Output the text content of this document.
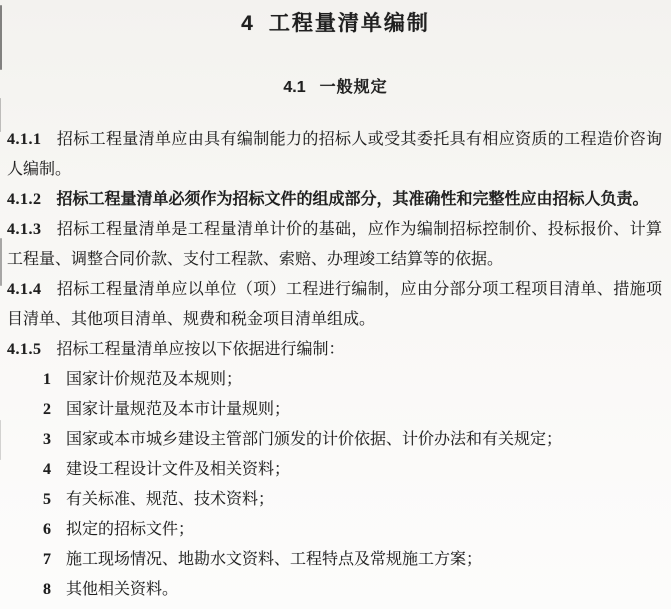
4 工程量清单编制
4.1 一般规定

4.1.1 招标工程量清单应由具有编制能力的招标人或受其委托具有相应资质的工程造价咨询人编制。

4.1.2 招标工程量清单必须作为招标文件的组成部分，其准确性和完整性应由招标人负责。

4.1.3 招标工程量清单是工程量清单计价的基础，应作为编制招标控制价、投标报价、计算工程量、调整合同价款、支付工程款、索赔、办理竣工结算等的依据。

4.1.4 招标工程量清单应以单位（项）工程进行编制，应由分部分项工程项目清单、措施项目清单、其他项目清单、规费和税金项目清单组成。

4.1.5 招标工程量清单应按以下依据进行编制：

1 国家计价规范及本规则；

2 国家计量规范及本市计量规则；

3 国家或本市城乡建设主管部门颁发的计价依据、计价办法和有关规定；

4 建设工程设计文件及相关资料；

5 有关标准、规范、技术资料；

6 拟定的招标文件；

7 施工现场情况、地勘水文资料、工程特点及常规施工方案；

8 其他相关资料。
